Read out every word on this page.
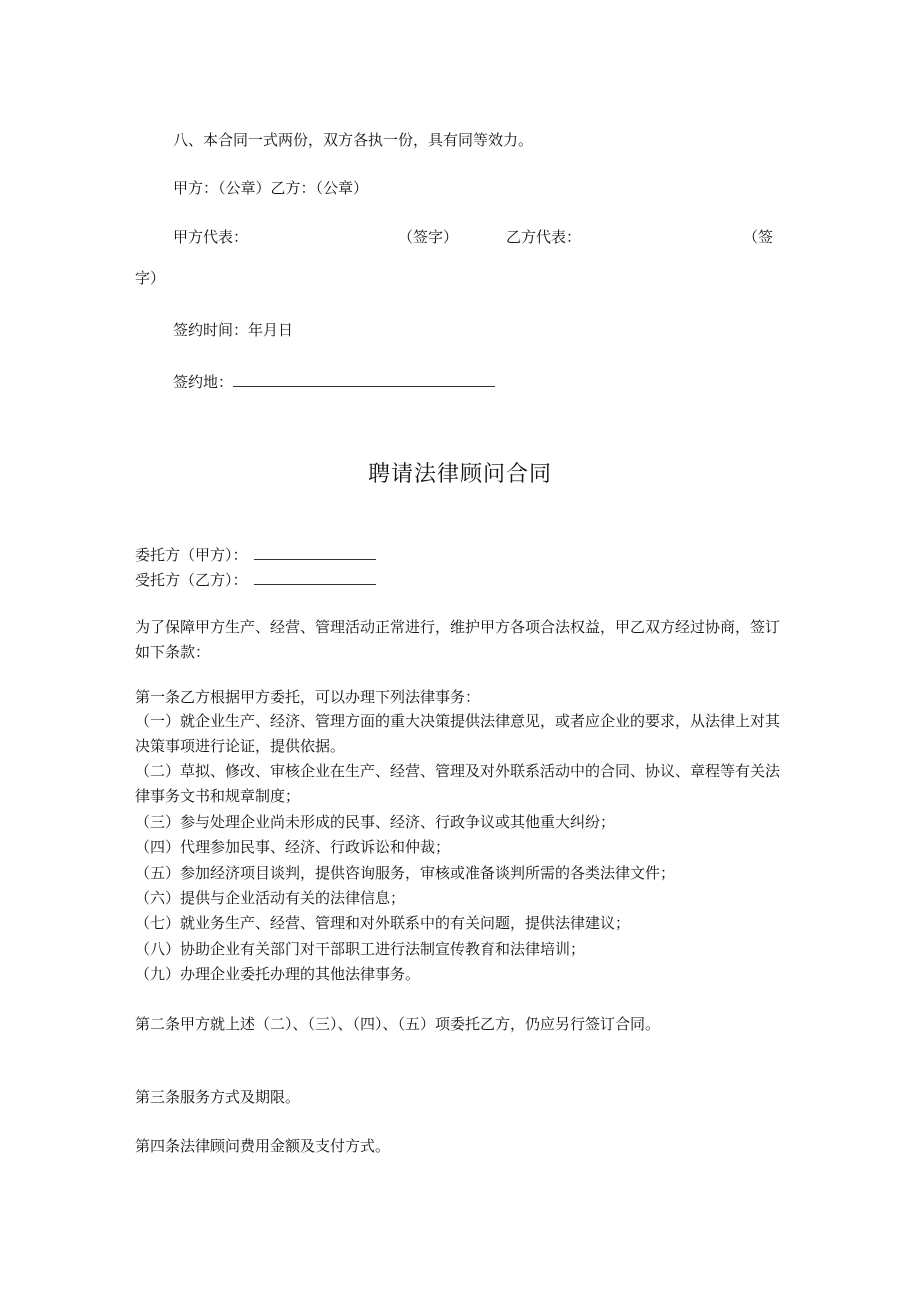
八、本合同一式两份，双方各执一份，具有同等效力。
甲方：（公章）乙方：（公章）
甲方代表：	（签字）	乙方代表：	（签
字）
签约时间：年月日
签约地：
聘请法律顾问合同
委托方（甲方）：
受托方（乙方）：
为了保障甲方生产、经营、管理活动正常进行，维护甲方各项合法权益，甲乙双方经过协商，签订如下条款：
第一条乙方根据甲方委托，可以办理下列法律事务：
（一）就企业生产、经济、管理方面的重大决策提供法律意见，或者应企业的要求，从法律上对其决策事项进行论证，提供依据。
（二）草拟、修改、审核企业在生产、经营、管理及对外联系活动中的合同、协议、章程等有关法律事务文书和规章制度；
（三）参与处理企业尚未形成的民事、经济、行政争议或其他重大纠纷；
（四）代理参加民事、经济、行政诉讼和仲裁；
（五）参加经济项目谈判，提供咨询服务，审核或准备谈判所需的各类法律文件；
（六）提供与企业活动有关的法律信息；
（七）就业务生产、经营、管理和对外联系中的有关问题，提供法律建议；
（八）协助企业有关部门对干部职工进行法制宣传教育和法律培训；
（九）办理企业委托办理的其他法律事务。
第二条甲方就上述（二）、（三）、（四）、（五）项委托乙方，仍应另行签订合同。
第三条服务方式及期限。
第四条法律顾问费用金额及支付方式。
